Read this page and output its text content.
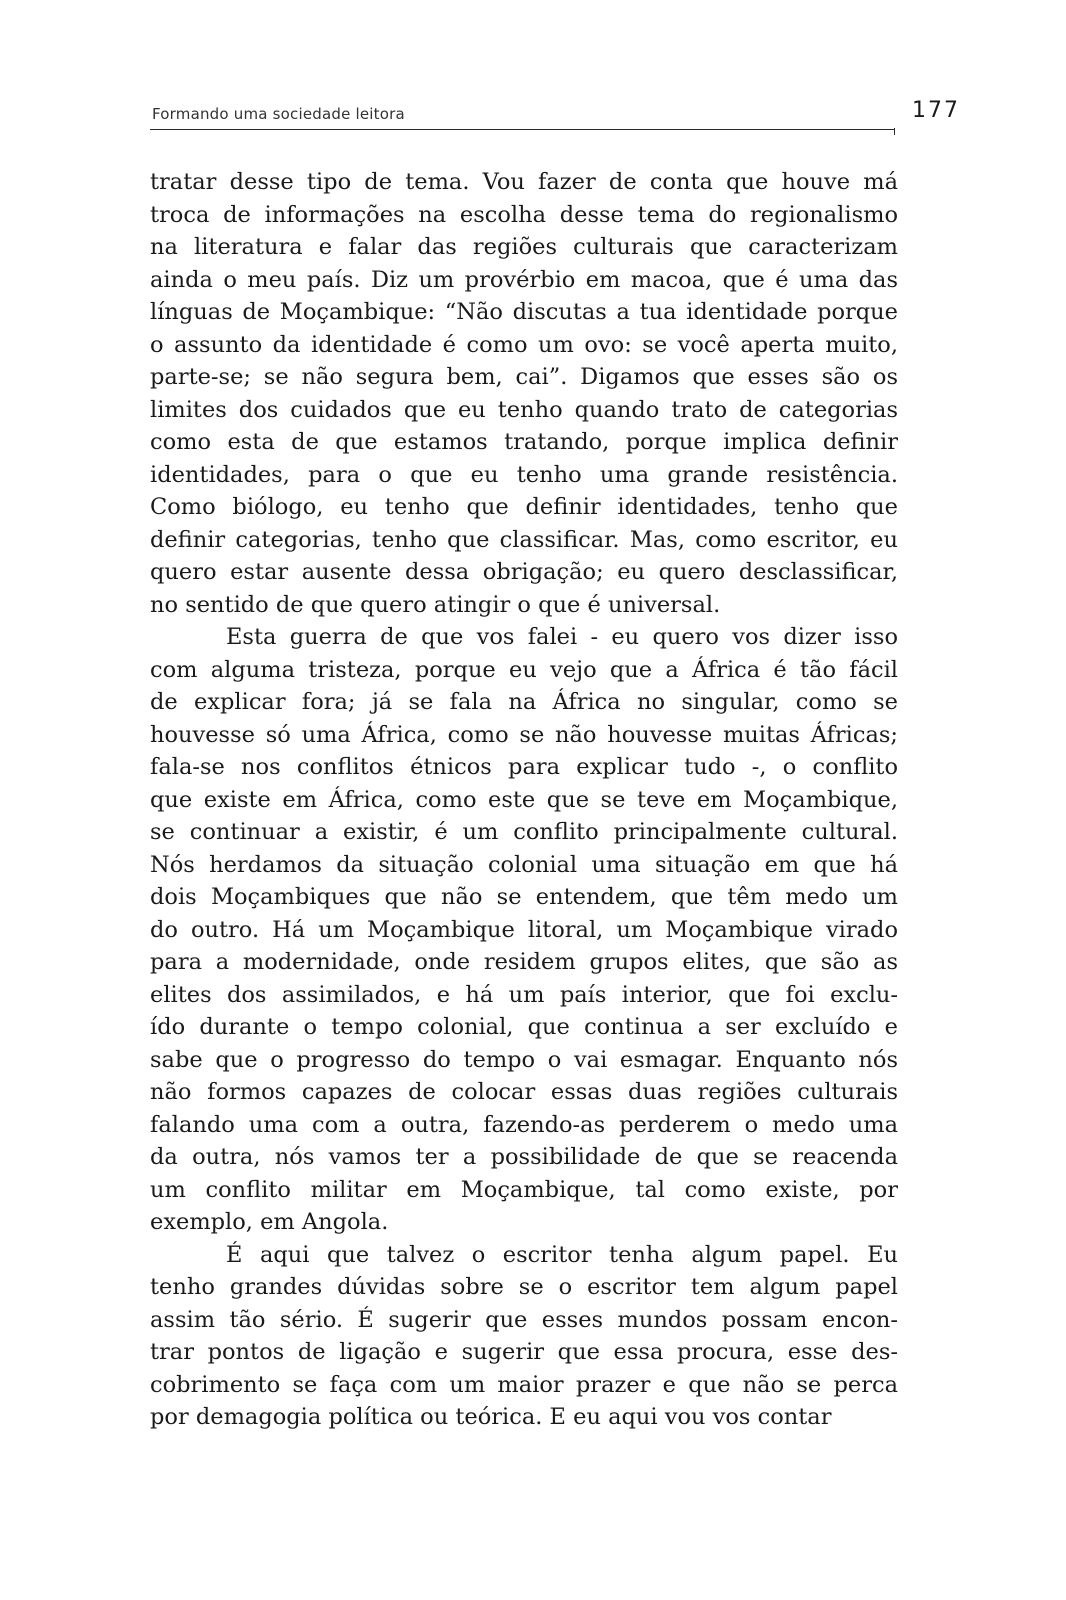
Formando uma sociedade leitora	177
tratar desse tipo de tema. Vou fazer de conta que houve má
troca de informações na escolha desse tema do regionalismo
na literatura e falar das regiões culturais que caracterizam
ainda o meu país. Diz um provérbio em macoa, que é uma das
línguas de Moçambique: “Não discutas a tua identidade porque
o assunto da identidade é como um ovo: se você aperta muito,
parte-se; se não segura bem, cai”. Digamos que esses são os
limites dos cuidados que eu tenho quando trato de categorias
como esta de que estamos tratando, porque implica definir
identidades, para o que eu tenho uma grande resistência.
Como biólogo, eu tenho que definir identidades, tenho que
definir categorias, tenho que classificar. Mas, como escritor, eu
quero estar ausente dessa obrigação; eu quero desclassificar,
no sentido de que quero atingir o que é universal.
Esta guerra de que vos falei - eu quero vos dizer isso
com alguma tristeza, porque eu vejo que a África é tão fácil
de explicar fora; já se fala na África no singular, como se
houvesse só uma África, como se não houvesse muitas Áfricas;
fala-se nos conflitos étnicos para explicar tudo -, o conflito
que existe em África, como este que se teve em Moçambique,
se continuar a existir, é um conflito principalmente cultural.
Nós herdamos da situação colonial uma situação em que há
dois Moçambiques que não se entendem, que têm medo um
do outro. Há um Moçambique litoral, um Moçambique virado
para a modernidade, onde residem grupos elites, que são as
elites dos assimilados, e há um país interior, que foi exclu-
ído durante o tempo colonial, que continua a ser excluído e
sabe que o progresso do tempo o vai esmagar. Enquanto nós
não formos capazes de colocar essas duas regiões culturais
falando uma com a outra, fazendo-as perderem o medo uma
da outra, nós vamos ter a possibilidade de que se reacenda
um conflito militar em Moçambique, tal como existe, por
exemplo, em Angola.
É aqui que talvez o escritor tenha algum papel. Eu
tenho grandes dúvidas sobre se o escritor tem algum papel
assim tão sério. É sugerir que esses mundos possam encon-
trar pontos de ligação e sugerir que essa procura, esse des-
cobrimento se faça com um maior prazer e que não se perca
por demagogia política ou teórica. E eu aqui vou vos contar
